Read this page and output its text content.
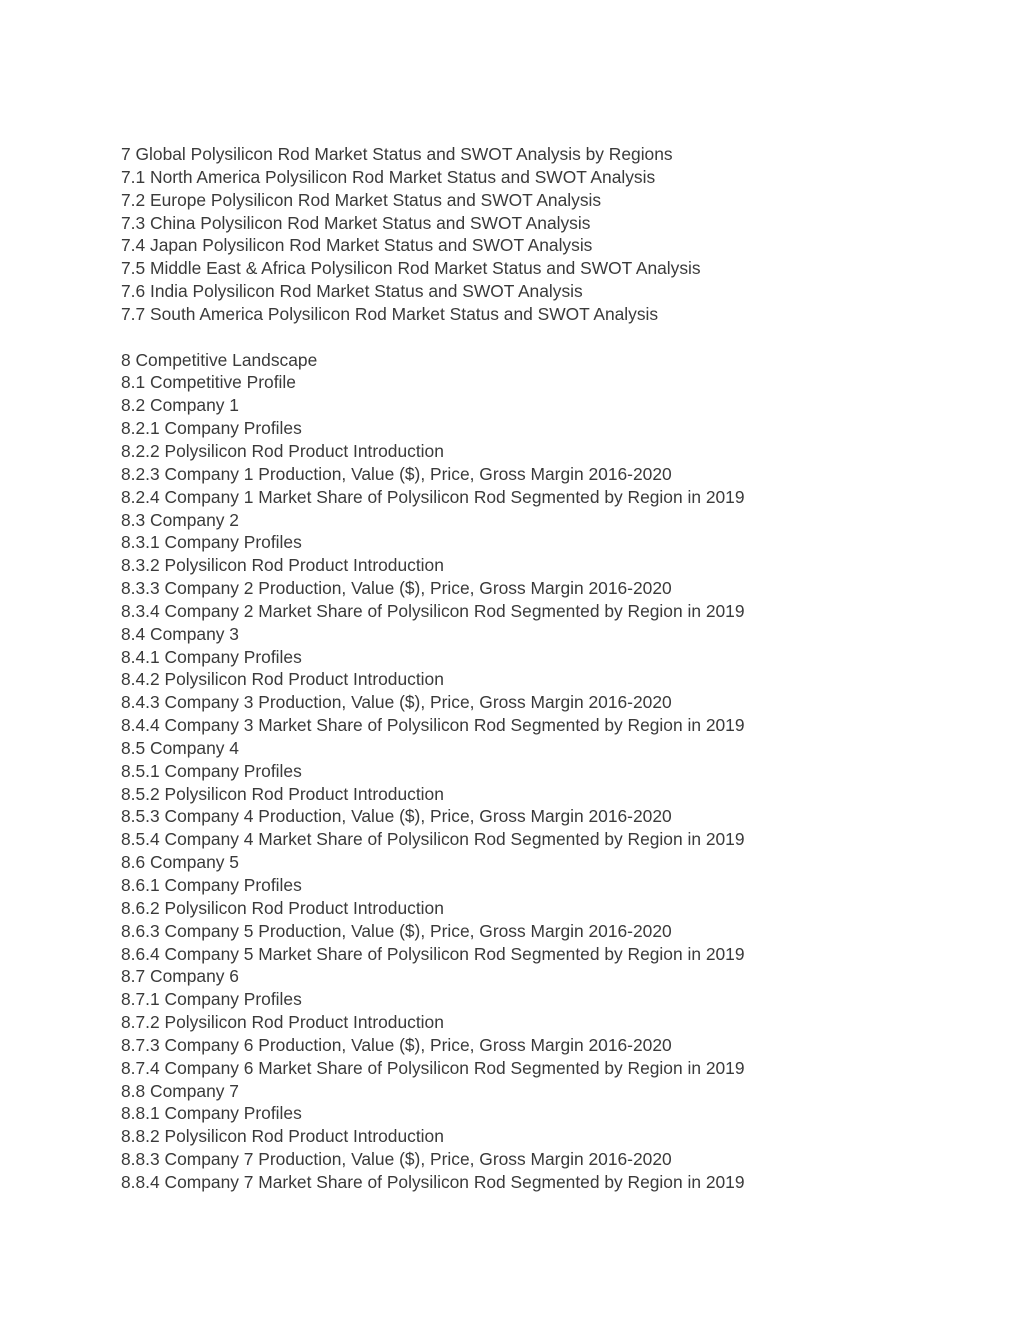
7 Global Polysilicon Rod Market Status and SWOT Analysis by Regions
7.1 North America Polysilicon Rod Market Status and SWOT Analysis
7.2 Europe Polysilicon Rod Market Status and SWOT Analysis
7.3 China Polysilicon Rod Market Status and SWOT Analysis
7.4 Japan Polysilicon Rod Market Status and SWOT Analysis
7.5 Middle East & Africa Polysilicon Rod Market Status and SWOT Analysis
7.6 India Polysilicon Rod Market Status and SWOT Analysis
7.7 South America Polysilicon Rod Market Status and SWOT Analysis
8 Competitive Landscape
8.1 Competitive Profile
8.2 Company 1
8.2.1 Company Profiles
8.2.2 Polysilicon Rod Product Introduction
8.2.3 Company 1 Production, Value ($), Price, Gross Margin 2016-2020
8.2.4 Company 1 Market Share of Polysilicon Rod Segmented by Region in 2019
8.3 Company 2
8.3.1 Company Profiles
8.3.2 Polysilicon Rod Product Introduction
8.3.3 Company 2 Production, Value ($), Price, Gross Margin 2016-2020
8.3.4 Company 2 Market Share of Polysilicon Rod Segmented by Region in 2019
8.4 Company 3
8.4.1 Company Profiles
8.4.2 Polysilicon Rod Product Introduction
8.4.3 Company 3 Production, Value ($), Price, Gross Margin 2016-2020
8.4.4 Company 3 Market Share of Polysilicon Rod Segmented by Region in 2019
8.5 Company 4
8.5.1 Company Profiles
8.5.2 Polysilicon Rod Product Introduction
8.5.3 Company 4 Production, Value ($), Price, Gross Margin 2016-2020
8.5.4 Company 4 Market Share of Polysilicon Rod Segmented by Region in 2019
8.6 Company 5
8.6.1 Company Profiles
8.6.2 Polysilicon Rod Product Introduction
8.6.3 Company 5 Production, Value ($), Price, Gross Margin 2016-2020
8.6.4 Company 5 Market Share of Polysilicon Rod Segmented by Region in 2019
8.7 Company 6
8.7.1 Company Profiles
8.7.2 Polysilicon Rod Product Introduction
8.7.3 Company 6 Production, Value ($), Price, Gross Margin 2016-2020
8.7.4 Company 6 Market Share of Polysilicon Rod Segmented by Region in 2019
8.8 Company 7
8.8.1 Company Profiles
8.8.2 Polysilicon Rod Product Introduction
8.8.3 Company 7 Production, Value ($), Price, Gross Margin 2016-2020
8.8.4 Company 7 Market Share of Polysilicon Rod Segmented by Region in 2019
